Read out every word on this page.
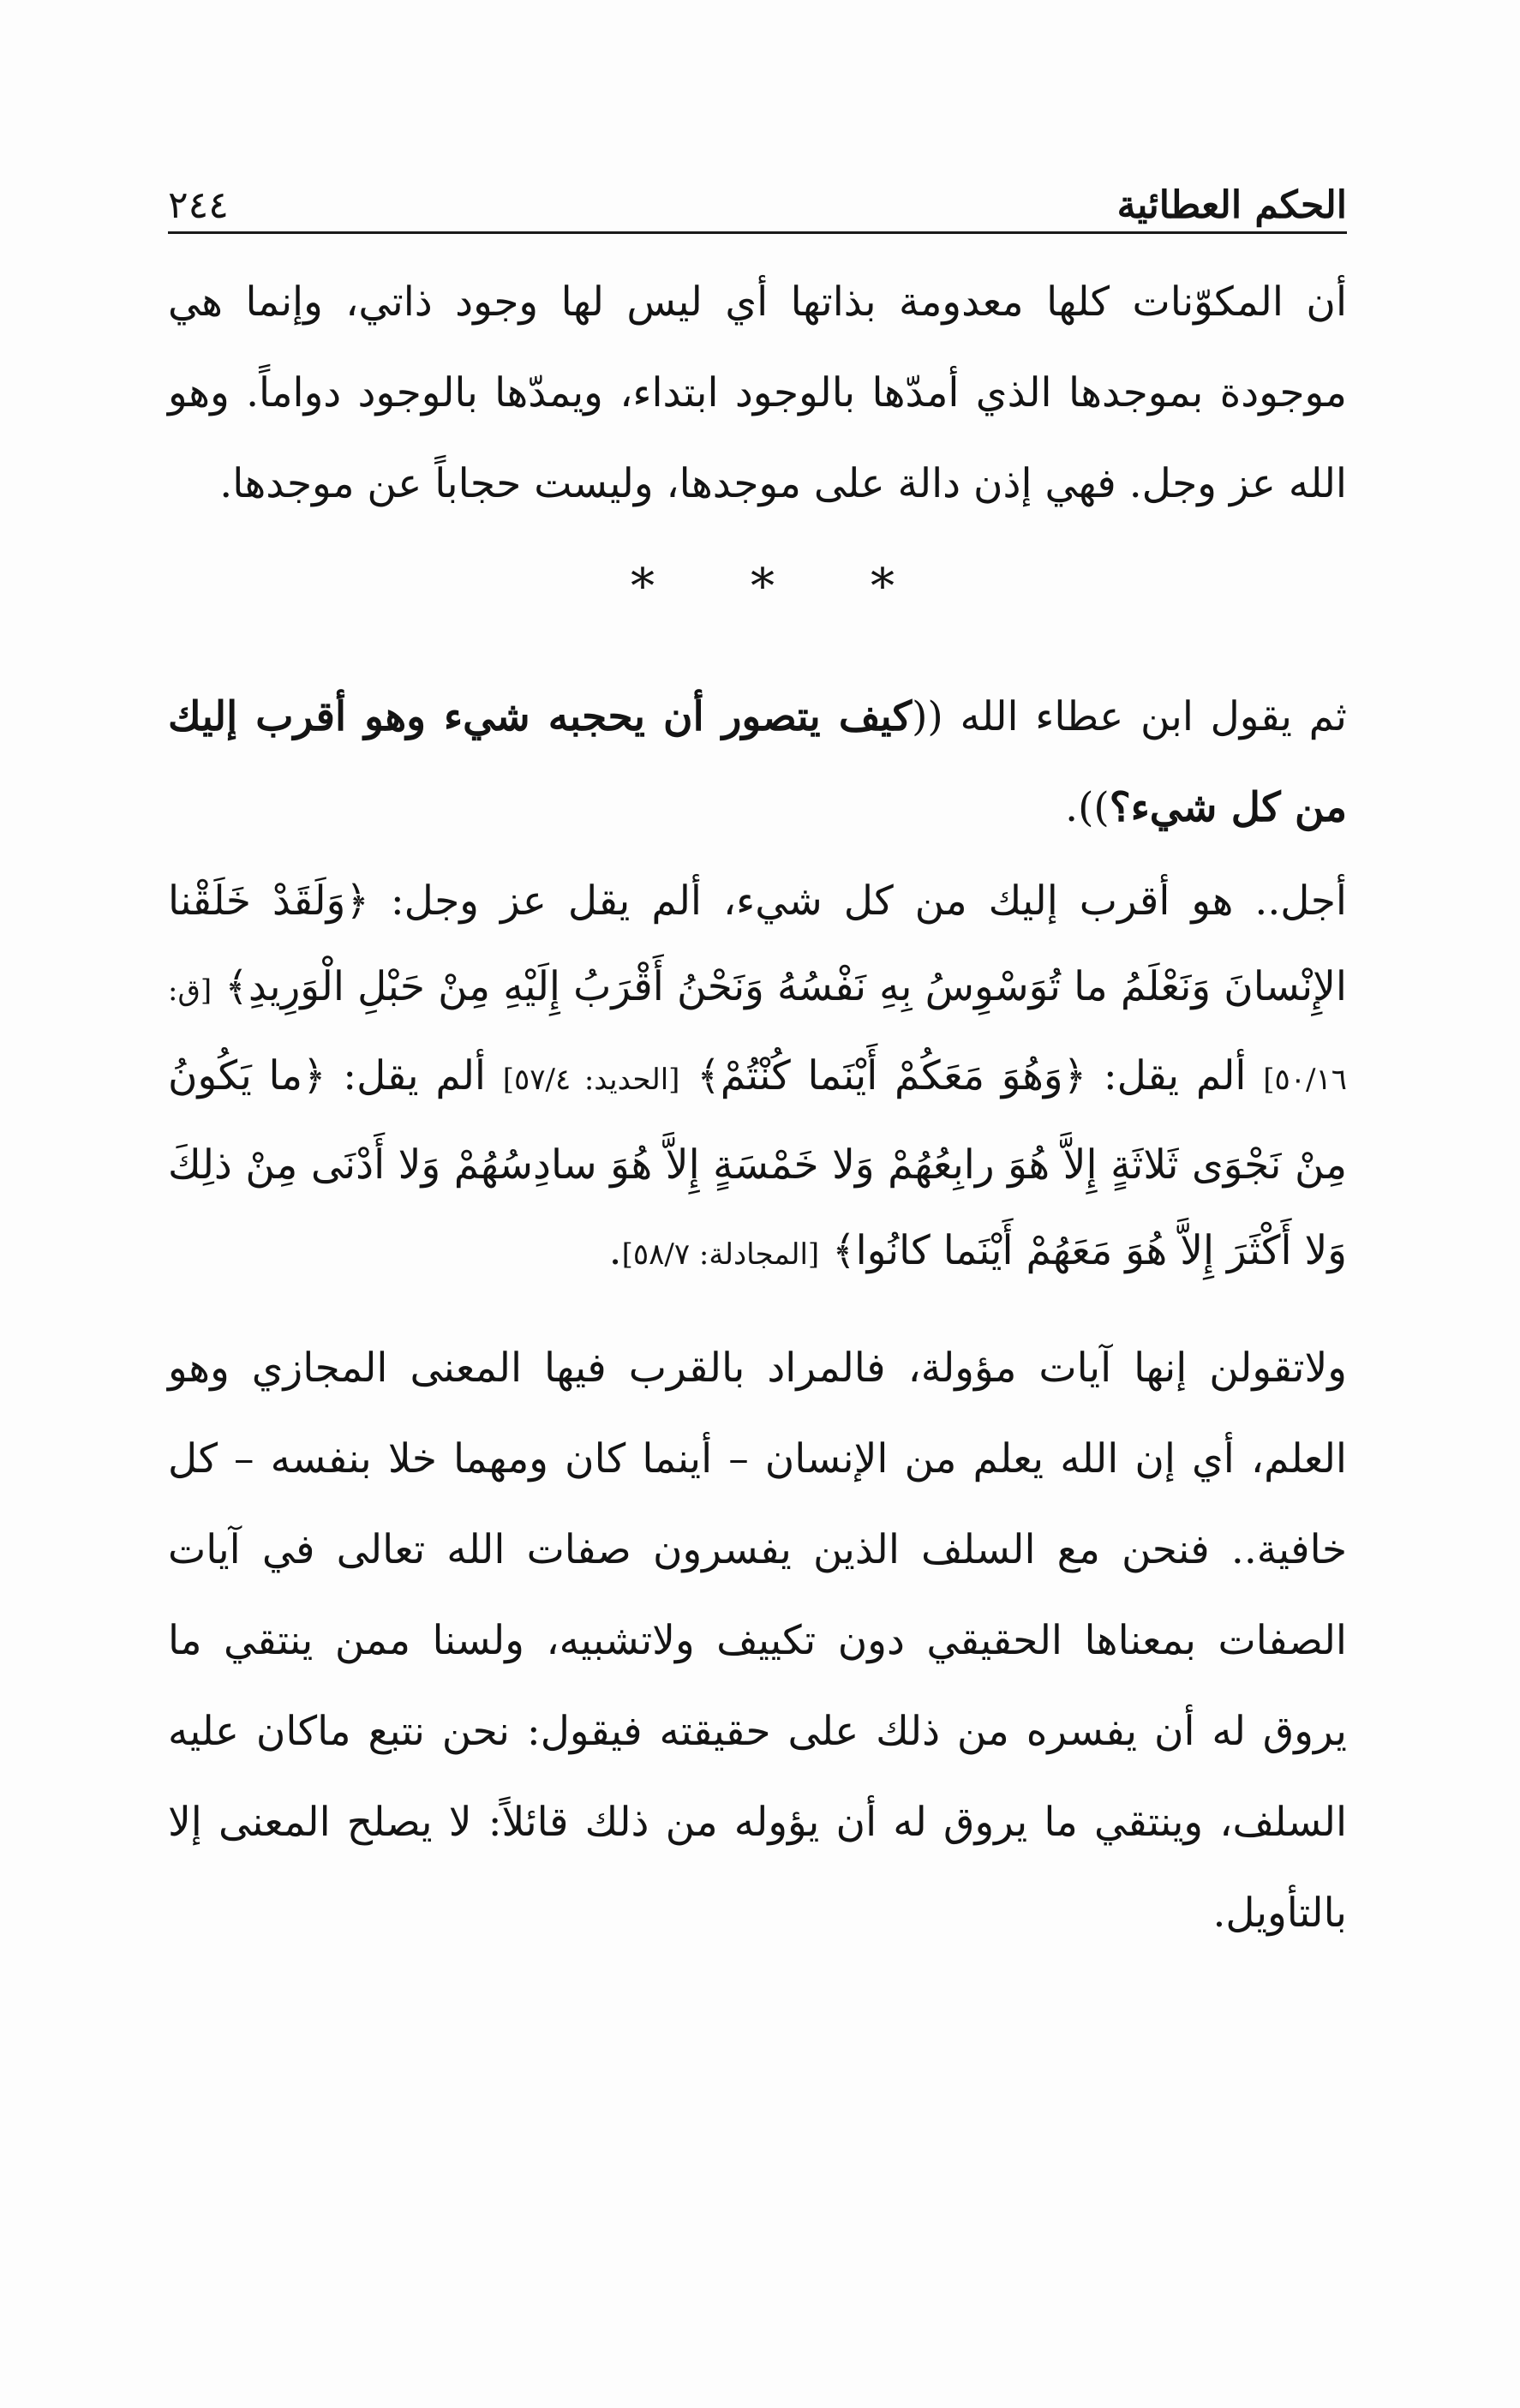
الحكم العطائية
٢٤٤

أن المكوّنات كلها معدومة بذاتها أي ليس لها وجود ذاتي، وإنما هي موجودة بموجدها الذي أمدّها بالوجود ابتداء، ويمدّها بالوجود دواماً. وهو الله عز وجل. فهي إذن دالة على موجدها، وليست حجاباً عن موجدها.

* * *

ثم يقول ابن عطاء الله ((كيف يتصور أن يحجبه شيء وهو أقرب إليك من كل شيء؟)).

أجل.. هو أقرب إليك من كل شيء، ألم يقل عز وجل: ﴿وَلَقَدْ خَلَقْنا الإِنْسانَ وَنَعْلَمُ ما تُوَسْوِسُ بِهِ نَفْسُهُ وَنَحْنُ أَقْرَبُ إِلَيْهِ مِنْ حَبْلِ الْوَرِيدِ﴾ [ق: ٥٠/١٦] ألم يقل: ﴿وَهُوَ مَعَكُمْ أَيْنَما كُنْتُمْ﴾ [الحديد: ٥٧/٤] ألم يقل: ﴿ما يَكُونُ مِنْ نَجْوَى ثَلاثَةٍ إِلاَّ هُوَ رابِعُهُمْ وَلا خَمْسَةٍ إِلاَّ هُوَ سادِسُهُمْ وَلا أَدْنَى مِنْ ذلِكَ وَلا أَكْثَرَ إِلاَّ هُوَ مَعَهُمْ أَيْنَما كانُوا﴾ [المجادلة: ٥٨/٧].

ولاتقولن إنها آيات مؤولة، فالمراد بالقرب فيها المعنى المجازي وهو العلم، أي إن الله يعلم من الإنسان – أينما كان ومهما خلا بنفسه – كل خافية.. فنحن مع السلف الذين يفسرون صفات الله تعالى في آيات الصفات بمعناها الحقيقي دون تكييف ولاتشبيه، ولسنا ممن ينتقي ما يروق له أن يفسره من ذلك على حقيقته فيقول: نحن نتبع ماكان عليه السلف، وينتقي ما يروق له أن يؤوله من ذلك قائلاً: لا يصلح المعنى إلا بالتأويل.
